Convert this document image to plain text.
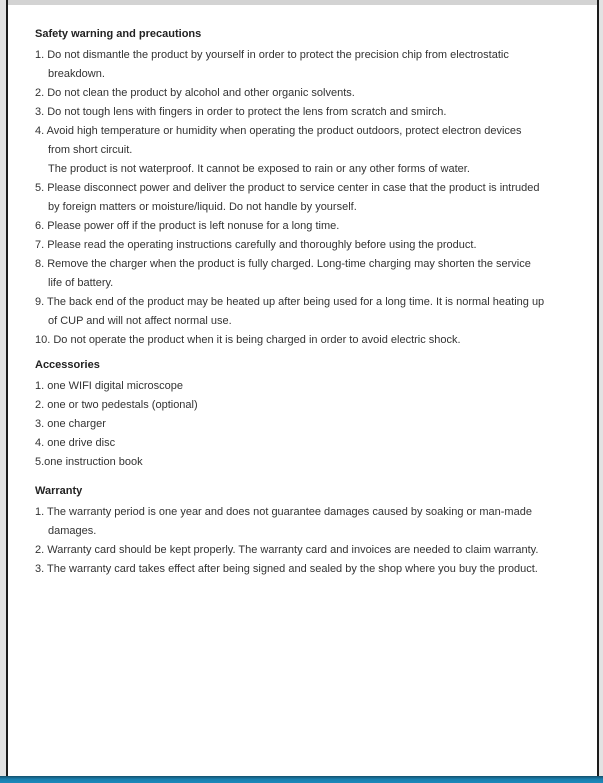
Safety warning and precautions
1. Do not dismantle the product by yourself in order to protect the precision chip from electrostatic
breakdown.
2. Do not clean the product by alcohol and other organic solvents.
3. Do not tough lens with fingers in order to protect the lens from scratch and smirch.
4. Avoid high temperature or humidity when operating the product outdoors, protect electron devices
from short circuit.
The product is not waterproof. It cannot be exposed to rain or any other forms of water.
5. Please disconnect power and deliver the product to service center in case that the product is intruded
by foreign matters or moisture/liquid. Do not handle by yourself.
6. Please power off if the product is left nonuse for a long time.
7. Please read the operating instructions carefully and thoroughly before using the product.
8. Remove the charger when the product is fully charged. Long-time charging may shorten the service
life of battery.
9. The back end of the product may be heated up after being used for a long time. It is normal heating up
of CUP and will not affect normal use.
10. Do not operate the product when it is being charged in order to avoid electric shock.
Accessories
1. one WIFI digital microscope
2. one or two pedestals (optional)
3. one charger
4. one drive disc
5.one instruction book
Warranty
1. The warranty period is one year and does not guarantee damages caused by soaking or man-made
damages.
2. Warranty card should be kept properly. The warranty card and invoices are needed to claim warranty.
3. The warranty card takes effect after being signed and sealed by the shop where you buy the product.
